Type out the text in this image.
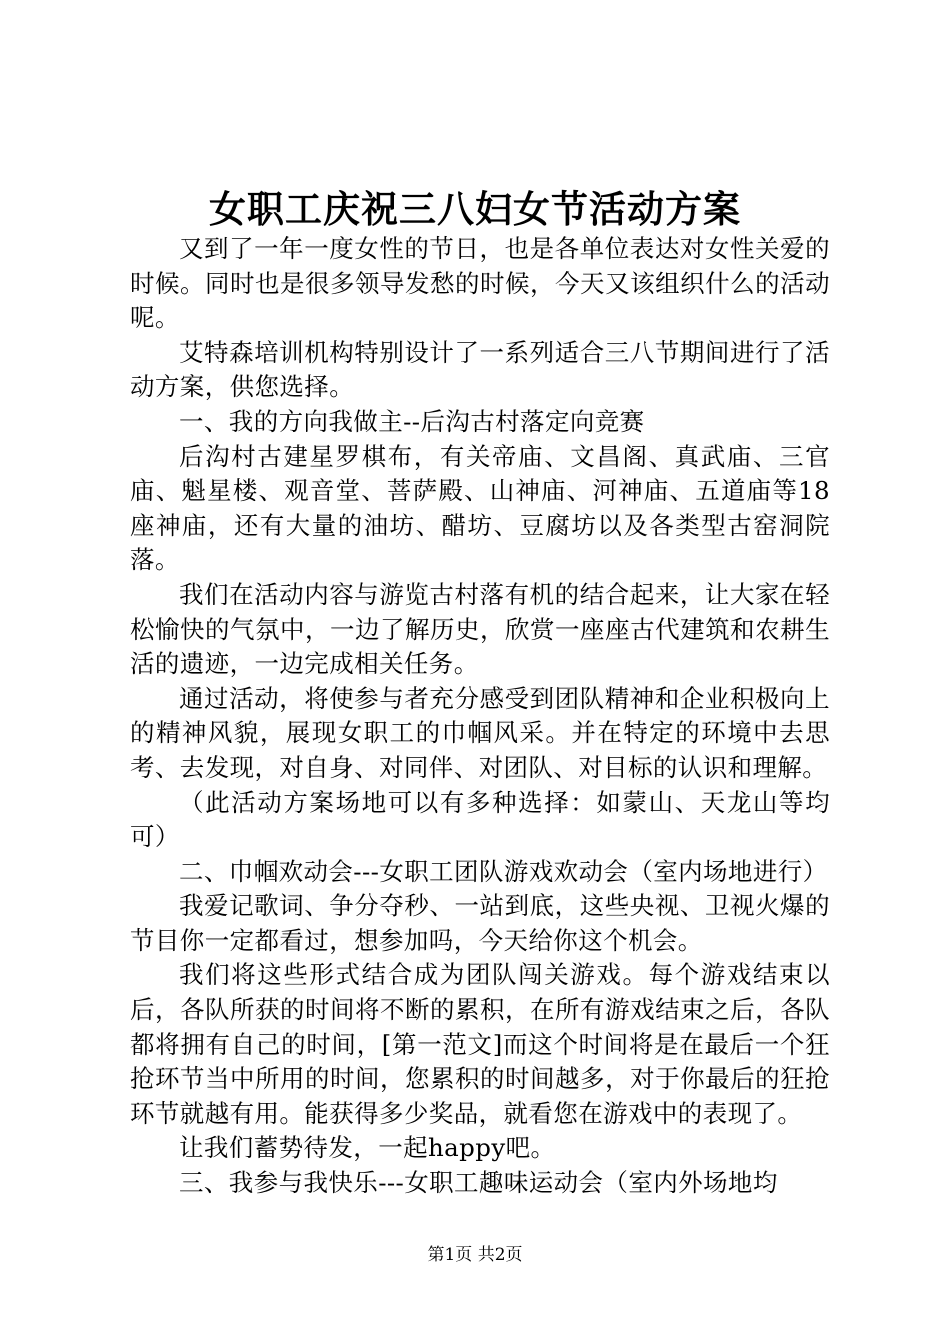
女职工庆祝三八妇女节活动方案

又到了一年一度女性的节日，也是各单位表达对女性关爱的时候。同时也是很多领导发愁的时候，今天又该组织什么的活动呢。

艾特森培训机构特别设计了一系列适合三八节期间进行了活动方案，供您选择。

一、我的方向我做主--后沟古村落定向竞赛

后沟村古建星罗棋布，有关帝庙、文昌阁、真武庙、三官庙、魁星楼、观音堂、菩萨殿、山神庙、河神庙、五道庙等18座神庙，还有大量的油坊、醋坊、豆腐坊以及各类型古窑洞院落。

我们在活动内容与游览古村落有机的结合起来，让大家在轻松愉快的气氛中，一边了解历史，欣赏一座座古代建筑和农耕生活的遗迹，一边完成相关任务。

通过活动，将使参与者充分感受到团队精神和企业积极向上的精神风貌，展现女职工的巾帼风采。并在特定的环境中去思考、去发现，对自身、对同伴、对团队、对目标的认识和理解。

（此活动方案场地可以有多种选择：如蒙山、天龙山等均可）

二、巾帼欢动会---女职工团队游戏欢动会（室内场地进行）

我爱记歌词、争分夺秒、一站到底，这些央视、卫视火爆的节目你一定都看过，想参加吗，今天给你这个机会。

我们将这些形式结合成为团队闯关游戏。每个游戏结束以后，各队所获的时间将不断的累积，在所有游戏结束之后，各队都将拥有自己的时间，[第一范文]而这个时间将是在最后一个狂抢环节当中所用的时间，您累积的时间越多，对于你最后的狂抢环节就越有用。能获得多少奖品，就看您在游戏中的表现了。

让我们蓄势待发，一起happy吧。

三、我参与我快乐---女职工趣味运动会（室内外场地均

第1页 共2页
